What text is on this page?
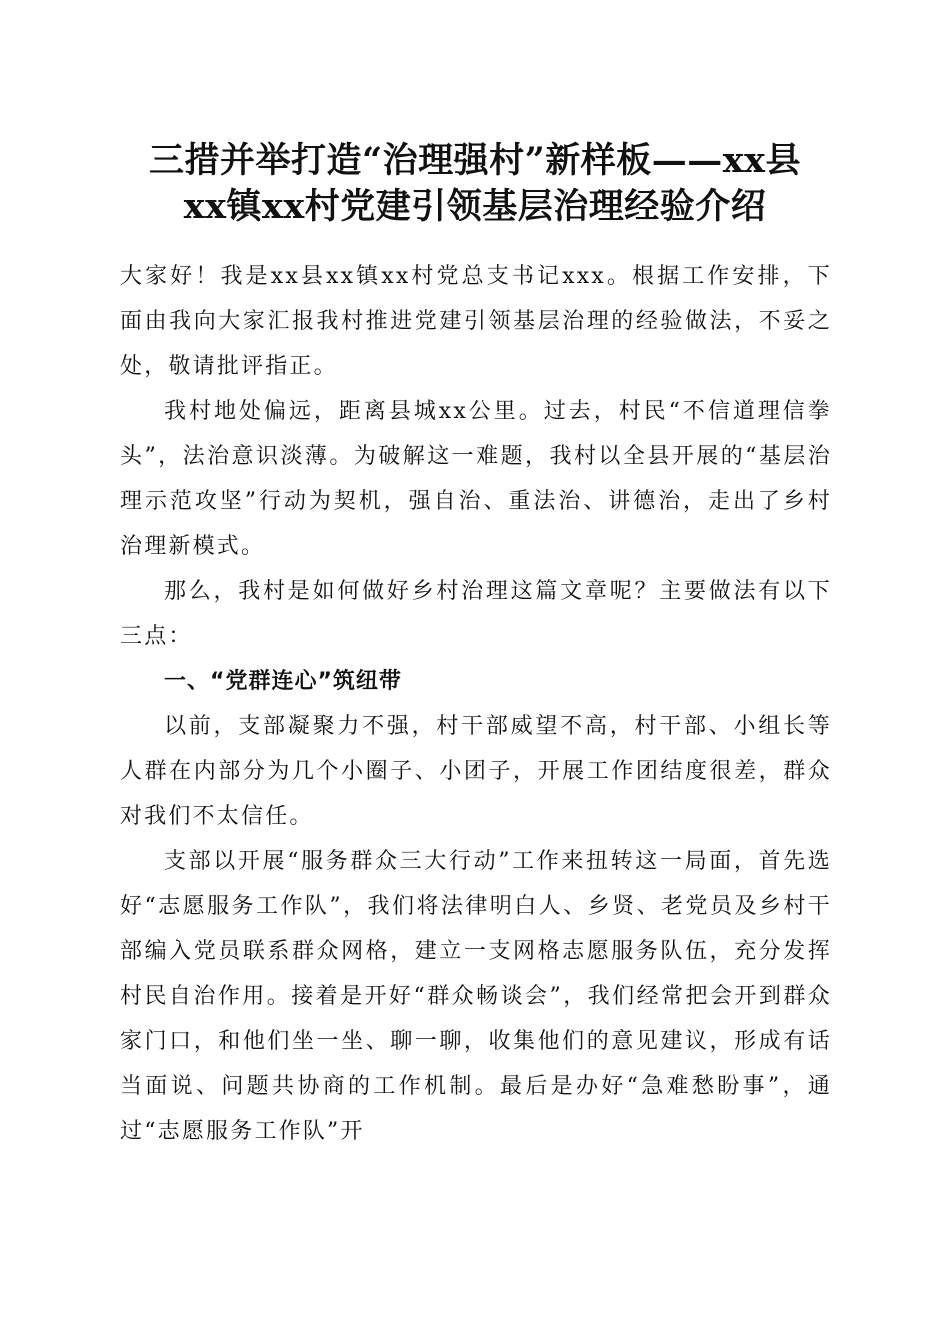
三措并举打造“治理强村”新样板——xx县
xx镇xx村党建引领基层治理经验介绍

大家好！我是xx县xx镇xx村党总支书记xxx。根据工作安排，下面由我向大家汇报我村推进党建引领基层治理的经验做法，不妥之处，敬请批评指正。

我村地处偏远，距离县城xx公里。过去，村民“不信道理信拳头”，法治意识淡薄。为破解这一难题，我村以全县开展的“基层治理示范攻坚”行动为契机，强自治、重法治、讲德治，走出了乡村治理新模式。

那么，我村是如何做好乡村治理这篇文章呢？主要做法有以下三点：

一、“党群连心”筑纽带

以前，支部凝聚力不强，村干部威望不高，村干部、小组长等人群在内部分为几个小圈子、小团子，开展工作团结度很差，群众对我们不太信任。

支部以开展“服务群众三大行动”工作来扭转这一局面，首先选好“志愿服务工作队”，我们将法律明白人、乡贤、老党员及乡村干部编入党员联系群众网格，建立一支网格志愿服务队伍，充分发挥村民自治作用。接着是开好“群众畅谈会”，我们经常把会开到群众家门口，和他们坐一坐、聊一聊，收集他们的意见建议，形成有话当面说、问题共协商的工作机制。最后是办好“急难愁盼事”，通过“志愿服务工作队”开
